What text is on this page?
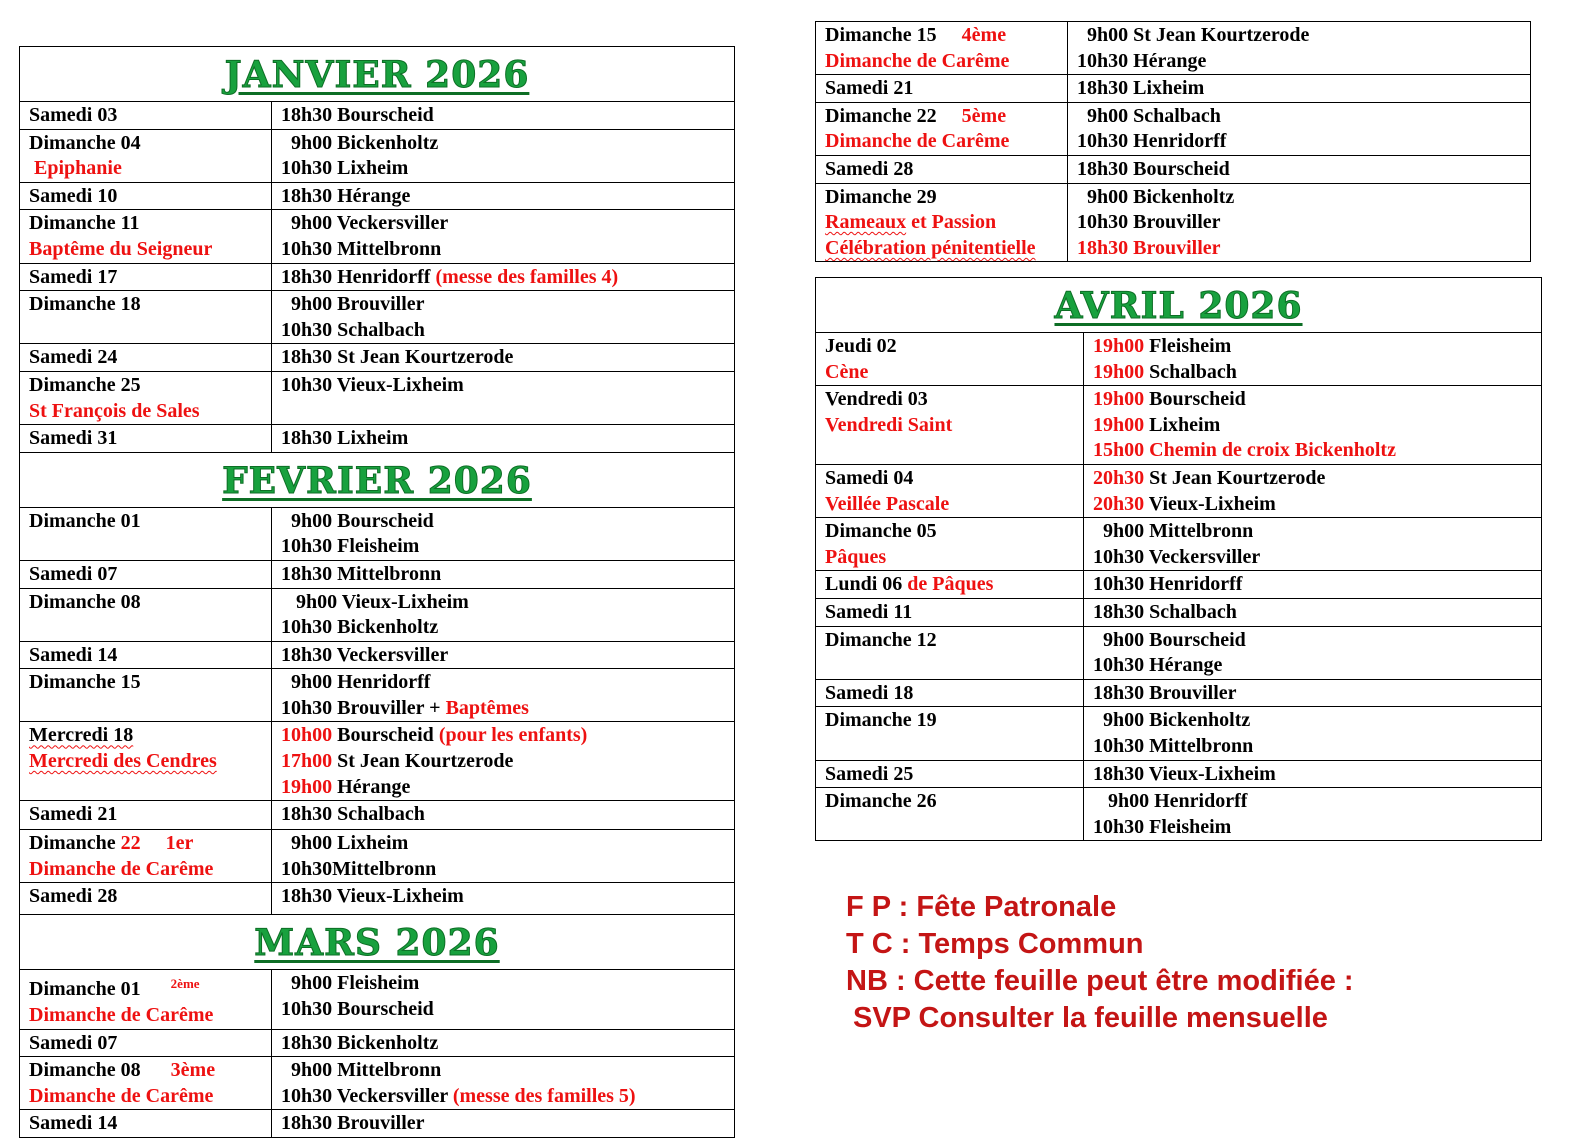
JANVIER 2026	
Samedi 03	18h30 Bourscheid

Dimanche 04
Epiphanie	9h00 Bickenholtz
10h30 Lixheim

Samedi 10	18h30 Hérange

Dimanche 11
Baptême du Seigneur	9h00 Veckersviller
10h30 Mittelbronn

Samedi 17	18h30 Henridorff (messe des familles 4)
Dimanche 18	9h00 Brouviller
10h30 Schalbach

Samedi 24	18h30 St Jean Kourtzerode

Dimanche 25
St François de Sales	10h30 Vieux-Lixheim
Samedi 31	18h30 Lixheim
FEVRIER 2026	
Dimanche 01	9h00 Bourscheid
10h30 Fleisheim

Samedi 07	18h30 Mittelbronn
Dimanche 08	9h00 Vieux-Lixheim
10h30 Bickenholtz

Samedi 14	18h30 Veckersviller
Dimanche 15	9h00 Henridorff
10h30 Brouviller + Baptêmes

Mercredi 18
Mercredi des Cendres	10h00 Bourscheid (pour les enfants)
17h00 St Jean Kourtzerode
19h00 Hérange

Samedi 21	18h30 Schalbach

Dimanche 22 1er
Dimanche de Carême	9h00 Lixheim
10h30Mittelbronn

Samedi 28	18h30 Vieux-Lixheim
MARS 2026	

Dimanche 01 $^{2ème}$
Dimanche de Carême	9h00 Fleisheim
10h30 Bourscheid

Samedi 07	18h30 Bickenholtz

Dimanche 08 3ème
Dimanche de Carême	9h00 Mittelbronn
10h30 Veckersviller (messe des familles 5)

Samedi 14	18h30 Brouviller
Dimanche 15 4ème
Dimanche de Carême	9h00 St Jean Kourtzerode
10h30 Hérange

Samedi 21	18h30 Lixheim

Dimanche 22 5ème
Dimanche de Carême	9h00 Schalbach
10h30 Henridorff

Samedi 28	18h30 Bourscheid

Dimanche 29
Rameaux et Passion
Célébration pénitentielle	9h00 Bickenholtz
10h30 Brouviller
18h30 Brouviller
AVRIL 2026	

Jeudi 02
Cène	19h00 Fleisheim
19h00 Schalbach

Vendredi 03
Vendredi Saint	19h00 Bourscheid
19h00 Lixheim
15h00 Chemin de croix Bickenholtz

Samedi 04
Veillée Pascale	20h30 St Jean Kourtzerode
20h30 Vieux-Lixheim

Dimanche 05
Pâques	9h00 Mittelbronn
10h30 Veckersviller

Lundi 06 de Pâques	10h30 Henridorff
Samedi 11	18h30 Schalbach
Dimanche 12	9h00 Bourscheid
10h30 Hérange

Samedi 18	18h30 Brouviller
Dimanche 19	9h00 Bickenholtz
10h30 Mittelbronn

Samedi 25	18h30 Vieux-Lixheim
Dimanche 26	9h00 Henridorff
10h30 Fleisheim
F P : Fête Patronale
T C : Temps Commun
NB : Cette feuille peut être modifiée :
SVP Consulter la feuille mensuelle
